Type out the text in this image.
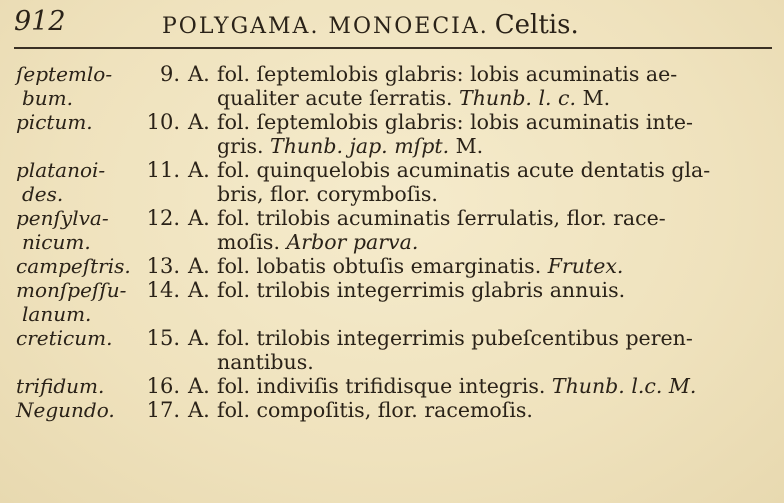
912	POLYGAMA. MONOECIA. Celtis.
ſeptemlo-	9. A. fol. ſeptemlobis glabris: lobis acuminatis ae-
bum.	qualiter acute ſerratis. Thunb. l. c. M.
pictum.	10. A. fol. ſeptemlobis glabris: lobis acuminatis inte-
gris. Thunb. jap. mſpt. M.
platanoi-	11. A. fol. quinquelobis acuminatis acute dentatis gla-
des.	bris, flor. corymboſis.
penſylva-	12. A. fol. trilobis acuminatis ſerrulatis, flor. race-
nicum.	moſis. Arbor parva.
campeſtris. 13. A. fol. lobatis obtuſis emarginatis. Frutex.
monſpeſſu- 14. A. fol. trilobis integerrimis glabris annuis.
lanum.
creticum.	15. A. fol. trilobis integerrimis pubeſcentibus peren-
nantibus.
trifidum.	16. A. fol. indiviſis trifidisque integris. Thunb. l.c. M.
Negundo.	17. A. fol. compoſitis, flor. racemoſis.
